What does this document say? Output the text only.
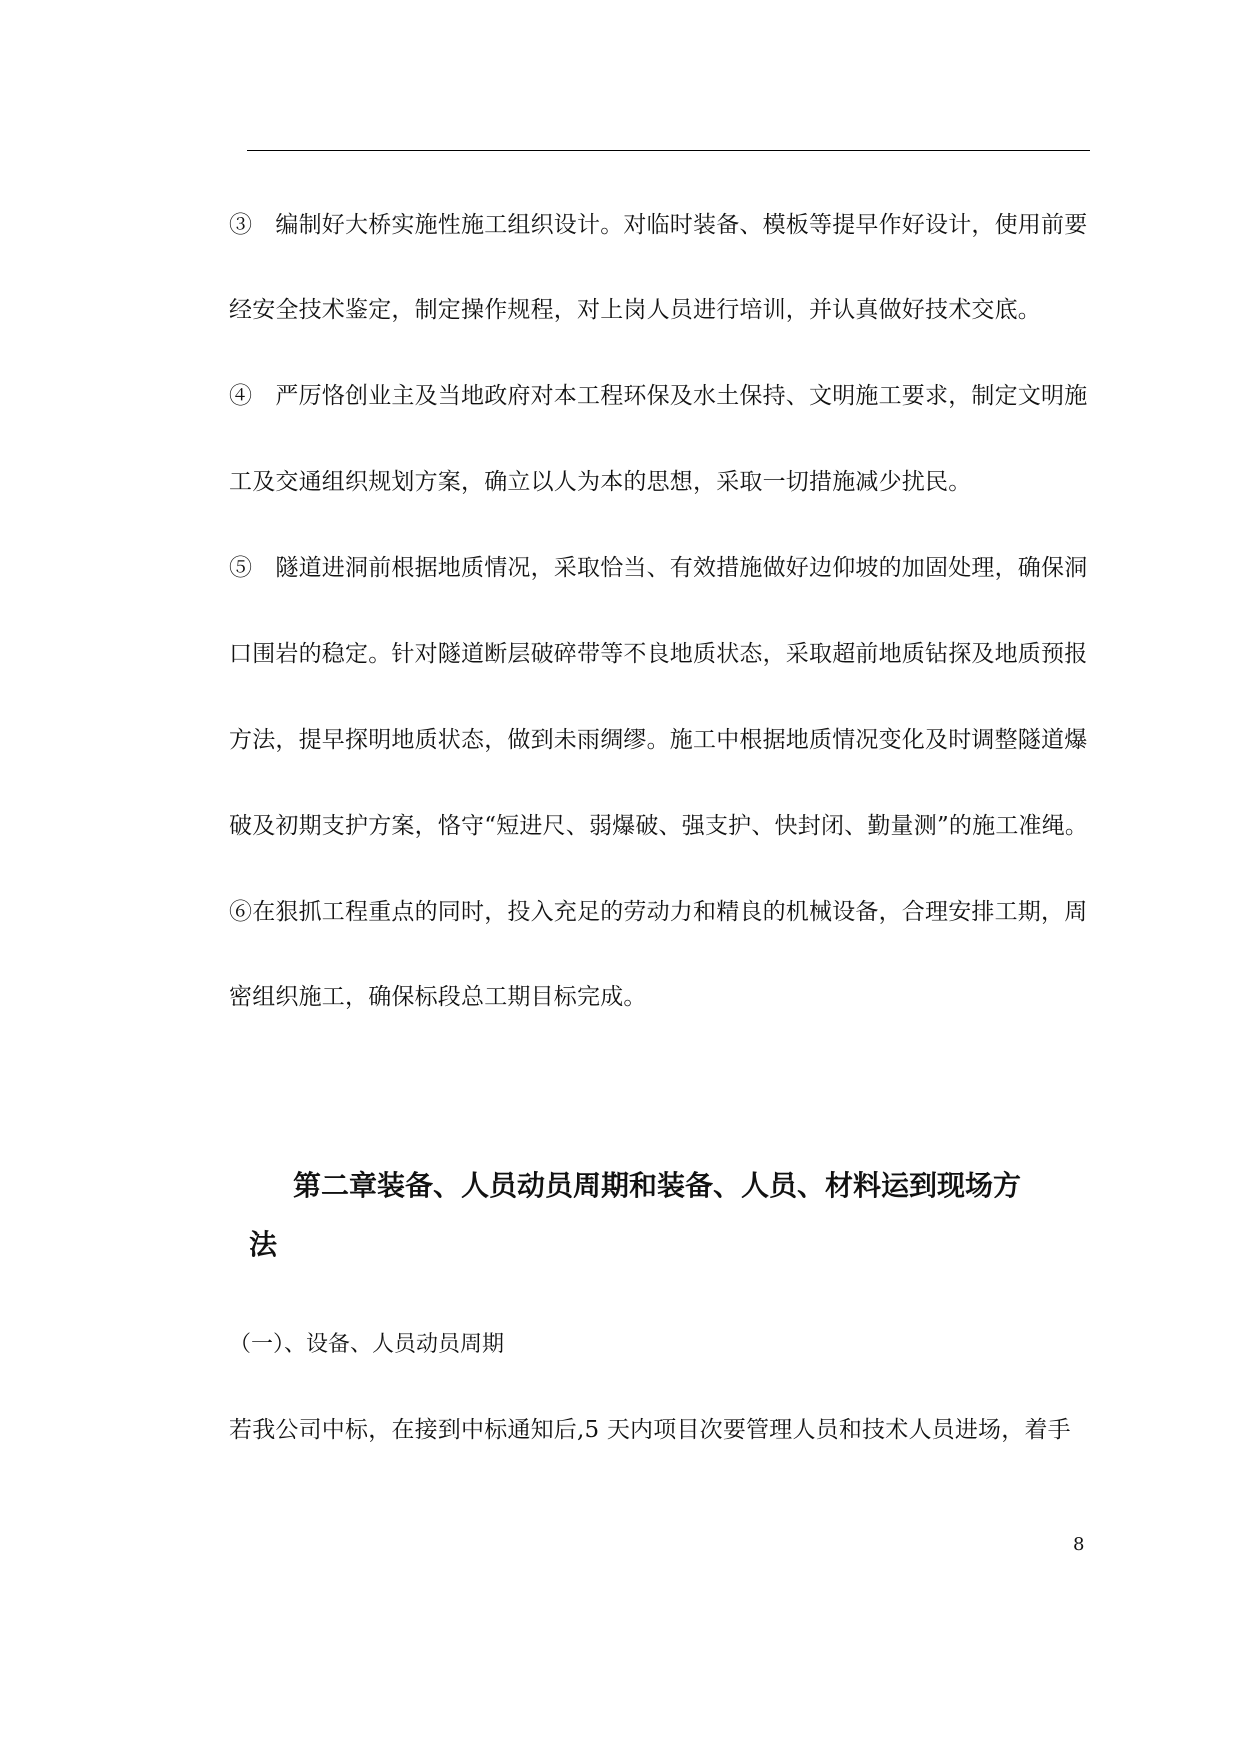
③　编制好大桥实施性施工组织设计。对临时装备、模板等提早作好设计，使用前要
经安全技术鉴定，制定操作规程，对上岗人员进行培训，并认真做好技术交底。
④　严厉恪创业主及当地政府对本工程环保及水土保持、文明施工要求，制定文明施
工及交通组织规划方案，确立以人为本的思想，采取一切措施减少扰民。
⑤　隧道进洞前根据地质情况，采取恰当、有效措施做好边仰坡的加固处理，确保洞
口围岩的稳定。针对隧道断层破碎带等不良地质状态，采取超前地质钻探及地质预报
方法，提早探明地质状态，做到未雨绸缪。施工中根据地质情况变化及时调整隧道爆
破及初期支护方案，恪守“短进尺、弱爆破、强支护、快封闭、勤量测”的施工准绳。
⑥在狠抓工程重点的同时，投入充足的劳动力和精良的机械设备，合理安排工期，周
密组织施工，确保标段总工期目标完成。
第二章装备、人员动员周期和装备、人员、材料运到现场方
法
（一）、设备、人员动员周期
若我公司中标，在接到中标通知后,5 天内项目次要管理人员和技术人员进场，着手
8
